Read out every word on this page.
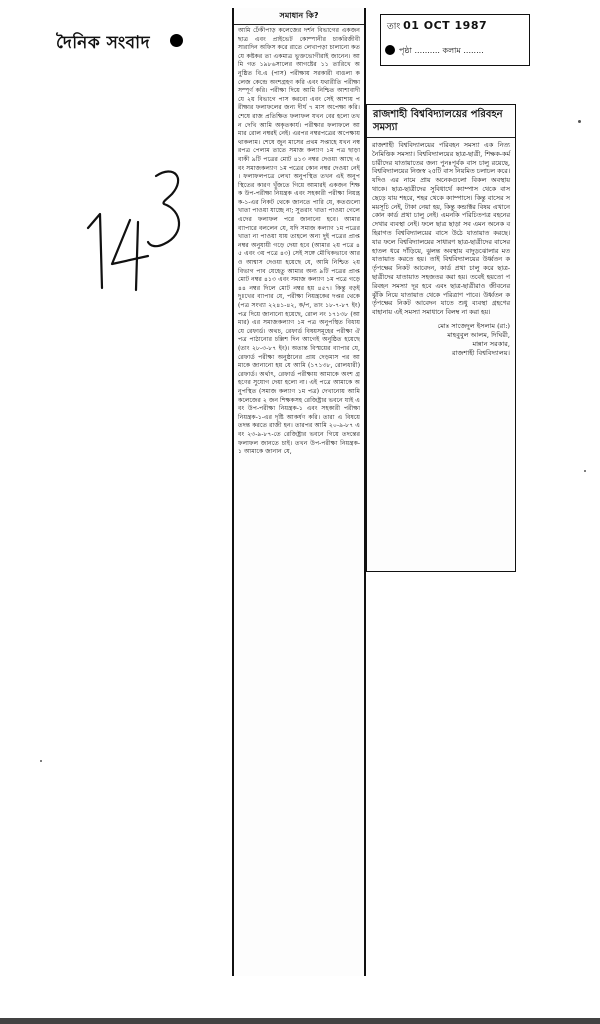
দৈনিক সংবাদ
তাং 01 OCT 1987
পৃষ্ঠা .......... কলাম ........
সমাধান কি?
আমি ঢেঁকীপাড় কলেজের দর্শন বিভাগের একজন ছাত্র এবং প্রাইভেট কোম্পানীর চাকরিজীবী সারাদিন অফিস করে রাতে লেখাপড়া চালানো কত যে কষ্টকর তা একমাত্র ভুক্তভোগীরাই জানেন। আমি গত ১৯৮৬সালের আগষ্টের ১১ তারিখে অনুষ্ঠিত বি.এ (পাস) পরীক্ষায় সরকারী বাঙলা কলেজ কেন্দ্রে অংশগ্রহণ করি এবং যথারীতি পরীক্ষা সম্পূর্ণ করি। পরীক্ষা দিয়ে আমি নিশ্চিত আশাবাদী যে ২য় বিভাগে পাস করবো এবং সেই আশায় পরীক্ষার ফলাফলের জন্য দীর্ঘ ৭ মাস অপেক্ষা করি। শেষে রাজ প্রতিক্ষিত ফলাফল যখন বের হলো তখন দেখি আমি অকৃতকার্য। পরীক্ষার ফলাফলে আমার রোল নম্বরই নেই। এরপর নম্বরপত্রের অপেক্ষায় থাকলাম। শেষে জুন মাসের প্রথম সপ্তাহে যখন নম্বরপত্র পেলাম তাতে সমাজ কল্যাণ ১ম পত্র ছাড়া বাকী ৯টি পত্রের মোট ৪১৩ নম্বর দেওয়া আছে এবং সমাজকল্যাণ ১ম পত্রের কোন নম্বর দেওয়া নেই। ফলাফলপত্রে লেখা অনুপস্থিত তখন এই অনুপস্থিতের কারণ খুঁজতে গিয়ে আমারই একজন শিক্ষক উপ-পরীক্ষা নিয়ন্ত্রক এবং সহকারী পরীক্ষা নিয়ন্ত্রক-১-এর নিকট থেকে জানতে পারি যে, কতগুলো খাতা পাওয়া যাচ্ছে না; সুতরাং খাতা পাওয়া গেলে এদের ফলাফল পরে জানানো হবে। আমার ব্যাপারে বললেন যে, যদি সমাজ কল্যাণ ১ম পত্রের খাতা না পাওয়া যায় তাহলে অন্য দুই পত্রের প্রাপ্ত নম্বর অনুযায়ী গড়ে দেয়া হবে (আমার ২য় পত্রে ৪৫ এবং ৩য় পত্রে ৪৩) সেই সঙ্গে মৌখিকভাবে আরও আশ্বাস দেওয়া হয়েছে যে, আমি নিশ্চিত ২য় বিভাগ পাব যেহেতু আমার অন্য ৯টি পত্রের প্রাপ্ত মোট নম্বর ৪১৩ এবং সমাজ কল্যাণ ১ম পত্রে গড়ে ৪৪ নম্বর দিলে মোট নম্বর হয় ৪৫৭। কিন্তু বড়ই দুঃখের ব্যাপার যে, পরীক্ষা নিয়ন্ত্রকের দপ্তর থেকে (পত্র সংখ্যা ২২৪১-৪২, ক/প, তাং ১৮-৭-৮৭ ইং) পত্র দিয়ে জানানো হয়েছে, রোল নং ১৭১৩৮ (আমার) এর সমাজকল্যাণ ১ম পত্র অনুপস্থিত বিধায় যে রেফার্ড। অথচ, রেফার্ড বিষয়সমূহের পরীক্ষা ঐ পত্র পাঠানোর চল্লিশ দিন আগেই অনুষ্ঠিত হয়েছে (তাং ২৮-৩-৮৭ ইং)। অত্যন্ত বিস্ময়ের ব্যাপার যে, রেফার্ড পরীক্ষা অনুষ্ঠানের প্রায় দেড়মাস পর আমাকে জানানো হয় যে আমি (১৭১৩৮, রোলধারী) রেফার্ড। অর্থাৎ, রেফার্ড পরীক্ষায় আমাকে অংশ গ্রহণের সুযোগ দেয়া হলো না। এই পত্রে আমাকে অনুপস্থিত (সমাজ কল্যাণ ১ম পত্র) দেখানোয় আমি কলেজের ২ জন শিক্ষকসহ রেজিষ্ট্রার ভবনে যাই এবং উপ-পরীক্ষা নিয়ন্ত্রক-১ এবং সহকারী পরীক্ষা নিয়ন্ত্রক-১-এর দৃষ্টি আকর্ষণ করি। তারা এ বিষয়ে তদন্ত করতে রাজী হন। তারপর আমি ২০-৯-৮৭ এবং ২৩-৯-৮৭-তে রেজিষ্ট্রার ভবনে গিয়ে তদন্তের ফলাফল জানতে চাই। তখন উপ-পরীক্ষা নিয়ন্ত্রক-১ আমাকে জানান যে,
রাজশাহী বিশ্ববিদ্যালয়ের পরিবহন সমস্যা
রাজশাহী বিশ্ববিদ্যালয়ের পরিবহন সমস্যা এক নিত্যনৈমিত্তিক সমস্যা। বিশ্ববিদ্যালয়ের ছাত্র-ছাত্রী, শিক্ষক-কর্মচারীদের যাতায়াতের জন্য পুনঃপূর্বক বাস চালু রয়েছে, বিশ্ববিদ্যালয়ের নিজস্ব ২৫টি বাস নিয়মিত চলাচল করে। যদিও এর নামে প্রায় অনেকগুলো বিকল অবস্থায় থাকে। ছাত্র-ছাত্রীদের সুবিধার্থে ক্যাম্পাস থেকে বাস ছেড়ে যায় শহরে, শহর থেকে ক্যাম্পাসে। কিন্তু বাসের সময়সূচি নেই, টাকা নেয়া হয়, কিন্তু কন্ডাক্টর বিষয় এখানে কোন কার্ড প্রথা চালু নেই। এমনকি পরিচিতপত্র বহনের দেখার ব্যবস্থা নেই। ফলে ছাত্র ছাড়া সব এমন অনেক বহিরাগত বিশ্ববিদ্যালয়ের বাসে উঠে যাতায়াত করছে। যার ফলে বিশ্ববিদ্যালয়ের সাধারণ ছাত্র-ছাত্রীদের বাসের হাতল ধরে দাঁড়িয়ে, ঝুলন্ত অবস্থায় বাদুড়ঝোলার মত যাতায়াত করতে হয়। তাই বিশ্ববিদ্যালয়ের উর্ধ্বতন কর্তৃপক্ষের নিকট আবেদন, কার্ড প্রথা চালু করে ছাত্র-ছাত্রীদের যাতায়াত সহজতর করা হয়। তবেই হয়তো পরিবহন সমস্যা দূর হবে এবং ছাত্র-ছাত্রীরাও জীবনের ঝুঁকি নিয়ে যাতায়াত থেকে পরিত্রাণ পাবে। উর্ধ্বতন কর্তৃপক্ষের নিকট আবেদন যাতে শুধু ব্যবস্থা গ্রহণের বাহানায় এই সমস্যা সমাধানে বিলম্ব না করা হয়।
মোঃ সাজেদুল ইসলাম (রা:)
মাহবুবুল আলম, দিঘিরী,
মান্নান সরকার,
রাজশাহী বিশ্ববিদ্যালয়।
